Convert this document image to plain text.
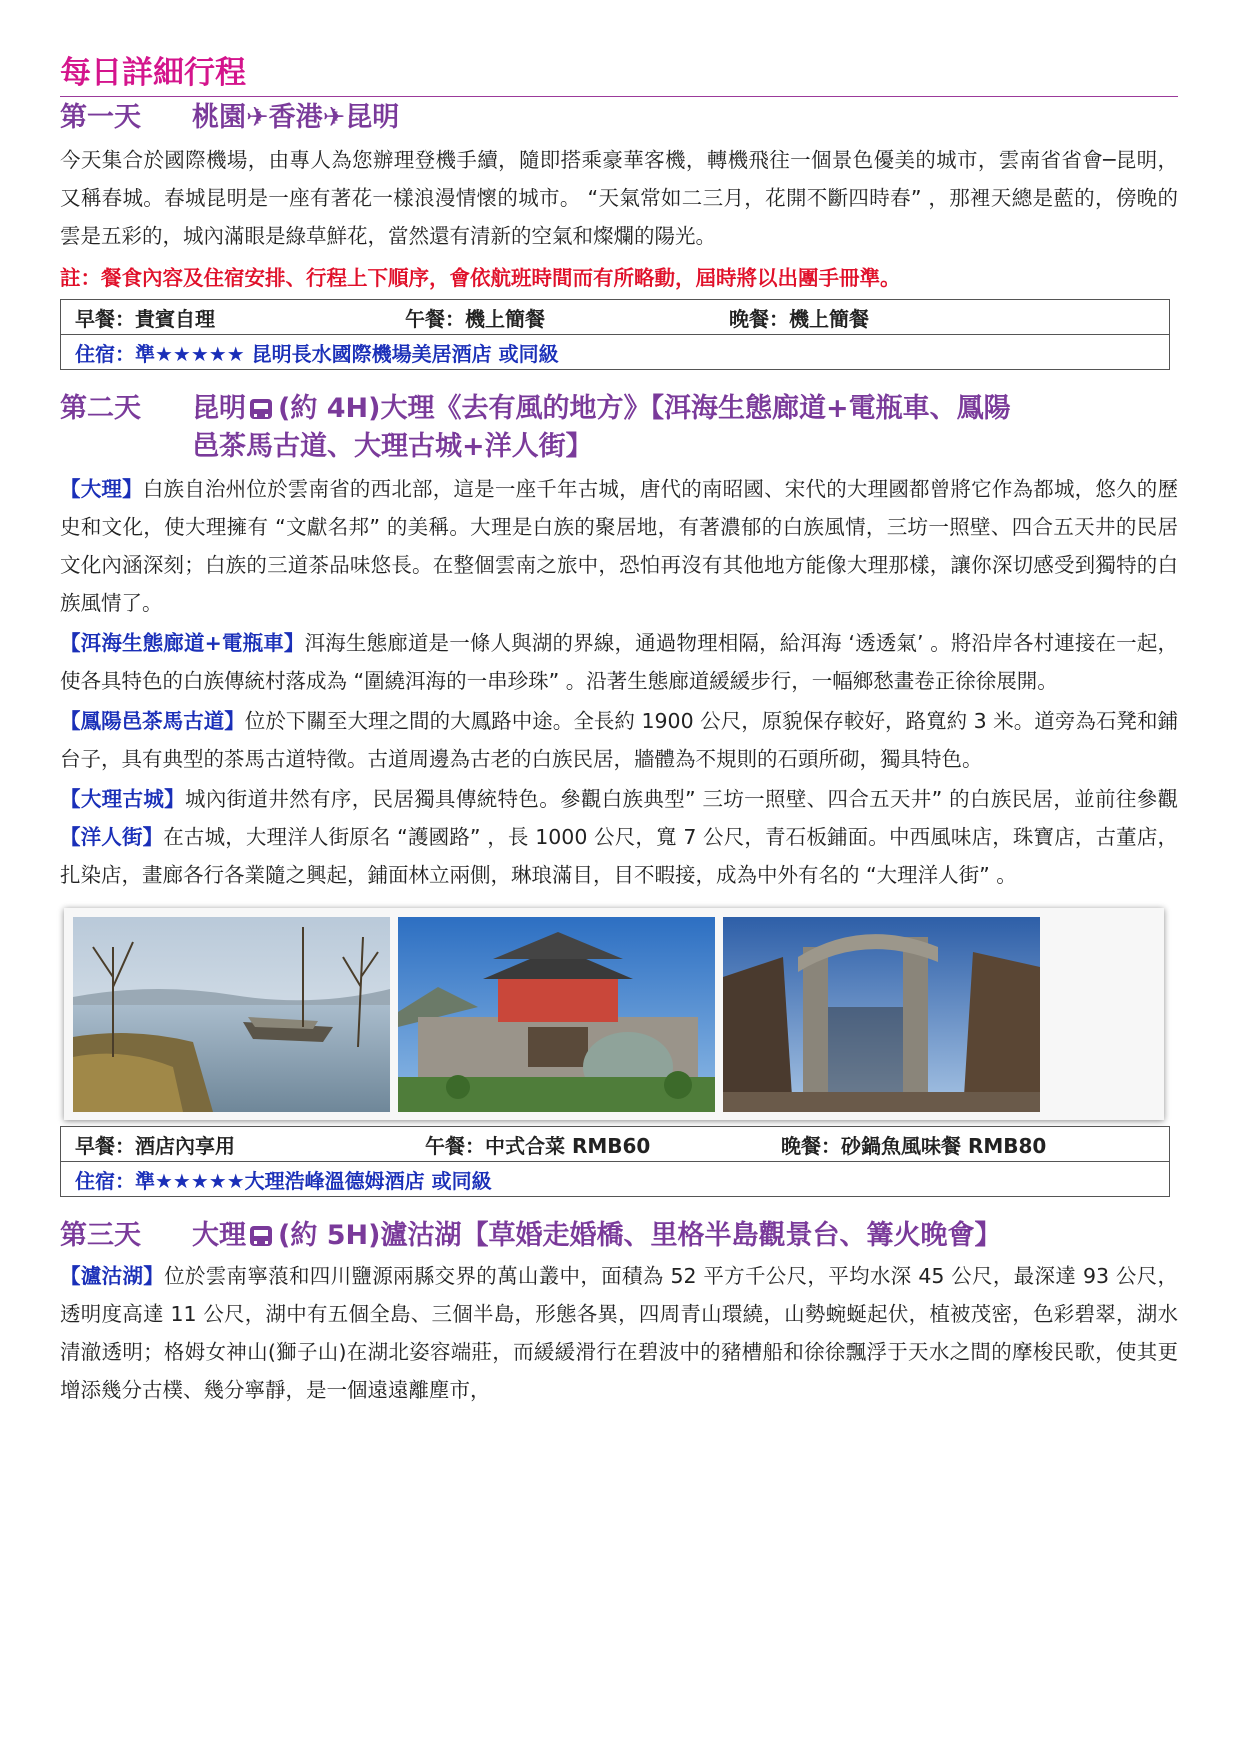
每日詳細行程
第一天	桃園✈香港✈昆明

今天集合於國際機場，由專人為您辦理登機手續，隨即搭乘豪華客機，轉機飛往一個景色優美的城市，雲南省省會─昆明，又稱春城。春城昆明是一座有著花一樣浪漫情懷的城市。 “天氣常如二三月，花開不斷四時春” ，那裡天總是藍的，傍晚的雲是五彩的，城內滿眼是綠草鮮花，當然還有清新的空氣和燦爛的陽光。

註：餐食內容及住宿安排、行程上下順序，會依航班時間而有所略動，屆時將以出團手冊準。
早餐：貴賓自理	午餐：機上簡餐	晚餐：機上簡餐

住宿：準★★★★★ 昆明長水國際機場美居酒店 或同級
第二天	昆明 (約 4H)大理《去有風的地方》【洱海生態廊道+電瓶車、鳳陽
邑茶馬古道、大理古城+洋人街】

【大理】白族自治州位於雲南省的西北部，這是一座千年古城，唐代的南昭國、宋代的大理國都曾將它作為都城，悠久的歷史和文化，使大理擁有 “文獻名邦” 的美稱。大理是白族的聚居地，有著濃郁的白族風情，三坊一照壁、四合五天井的民居文化內涵深刻；白族的三道茶品味悠長。在整個雲南之旅中，恐怕再沒有其他地方能像大理那樣，讓你深切感受到獨特的白族風情了。

【洱海生態廊道+電瓶車】洱海生態廊道是一條人與湖的界線，通過物理相隔，給洱海 ‘透透氣’ 。將沿岸各村連接在一起，使各具特色的白族傳統村落成為 “圍繞洱海的一串珍珠” 。沿著生態廊道緩緩步行，一幅鄉愁畫卷正徐徐展開。

【鳳陽邑茶馬古道】位於下關至大理之間的大鳳路中途。全長約 1900 公尺，原貌保存較好，路寬約 3 米。道旁為石凳和鋪台子，具有典型的茶馬古道特徵。古道周邊為古老的白族民居，牆體為不規則的石頭所砌，獨具特色。

【大理古城】城內街道井然有序，民居獨具傳統特色。參觀白族典型” 三坊一照壁、四合五天井” 的白族民居，並前往參觀【洋人街】在古城，大理洋人街原名 “護國路” ，長 1000 公尺，寬 7 公尺，青石板鋪面。中西風味店，珠寶店，古董店，扎染店，畫廊各行各業隨之興起，鋪面林立兩側，琳琅滿目，目不暇接，成為中外有名的 “大理洋人街” 。

早餐：酒店內享用	午餐：中式合菜 RMB60	晚餐：砂鍋魚風味餐 RMB80

住宿：準★★★★★大理浩峰溫德姆酒店 或同級
第三天	大理 (約 5H)瀘沽湖【草婚走婚橋、里格半島觀景台、篝火晚會】

【瀘沽湖】位於雲南寧蒗和四川鹽源兩縣交界的萬山叢中，面積為 52 平方千公尺，平均水深 45 公尺，最深達 93 公尺，透明度高達 11 公尺，湖中有五個全島、三個半島，形態各異，四周青山環繞，山勢蜿蜒起伏，植被茂密，色彩碧翠，湖水清澈透明；格姆女神山(獅子山)在湖北姿容端莊，而緩緩滑行在碧波中的豬槽船和徐徐飄浮于天水之間的摩梭民歌，使其更增添幾分古樸、幾分寧靜，是一個遠遠離塵市，
